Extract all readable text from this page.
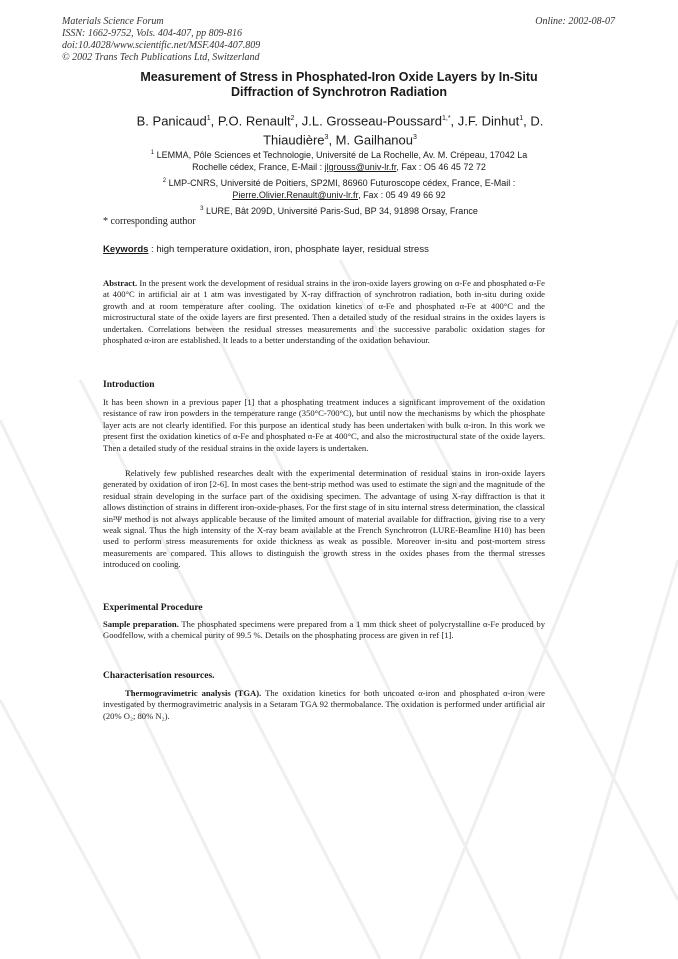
Materials Science Forum
ISSN: 1662-9752, Vols. 404-407, pp 809-816
doi:10.4028/www.scientific.net/MSF.404-407.809
© 2002 Trans Tech Publications Ltd, Switzerland
Online: 2002-08-07
Measurement of Stress in Phosphated-Iron Oxide Layers by In-Situ
Diffraction of Synchrotron Radiation
B. Panicaud$^1$, P.O. Renault$^2$, J.L. Grosseau-Poussard$^{1,*}$, J.F. Dinhut$^1$, D. Thiaudière$^3$, M. Gailhanou$^3$
$^1$ LEMMA, Pôle Sciences et Technologie, Université de La Rochelle, Av. M. Crépeau, 17042 La
Rochelle cédex, France, E-Mail : jlgrouss@univ-lr.fr, Fax : O5 46 45 72 72
$^2$ LMP-CNRS, Université de Poitiers, SP2MI, 86960 Futuroscope cédex, France, E-Mail :
Pierre.Olivier.Renault@univ-lr.fr, Fax : 05 49 49 66 92
$^3$ LURE, Bât 209D, Université Paris-Sud, BP 34, 91898 Orsay, France
* corresponding author
Keywords : high temperature oxidation, iron, phosphate layer, residual stress

Abstract. In the present work the development of residual strains in the iron-oxide layers growing on α-Fe and phosphated α-Fe at 400°C in artificial air at 1 atm was investigated by X-ray diffraction of synchrotron radiation, both in-situ during oxide growth and at room temperature after cooling. The oxidation kinetics of α-Fe and phosphated α-Fe at 400°C and the microstructural state of the oxide layers are first presented. Then a detailed study of the residual strains in the oxides layers is undertaken. Correlations between the residual stresses measurements and the successive parabolic oxidation stages for phosphated α-iron are established. It leads to a better understanding of the oxidation behaviour.

Introduction

It has been shown in a previous paper [1] that a phosphating treatment induces a significant improvement of the oxidation resistance of raw iron powders in the temperature range (350°C-700°C), but until now the mechanisms by which the phosphate layer acts are not clearly identified. For this purpose an identical study has been undertaken with bulk α-iron. In this work we present first the oxidation kinetics of α-Fe and phosphated α-Fe at 400°C, and also the microstructural state of the oxide layers. Then a detailed study of the residual strains in the oxide layers is undertaken.

Relatively few published researches dealt with the experimental determination of residual stains in iron-oxide layers generated by oxidation of iron [2-6]. In most cases the bent-strip method was used to estimate the sign and the magnitude of the residual strain developing in the surface part of the oxidising specimen. The advantage of using X-ray diffraction is that it allows distinction of strains in different iron-oxide-phases. For the first stage of in situ internal stress determination, the classical sin²Ψ method is not always applicable because of the limited amount of material available for diffraction, giving rise to a very weak signal. Thus the high intensity of the X-ray beam available at the French Synchrotron (LURE-Beamline H10) has been used to perform stress measurements for oxide thickness as weak as possible. Moreover in-situ and post-mortem stress measurements are compared. This allows to distinguish the growth stress in the oxides phases from the thermal stresses introduced on cooling.

Experimental Procedure

Sample preparation. The phosphated specimens were prepared from a 1 mm thick sheet of polycrystalline α-Fe produced by Goodfellow, with a chemical purity of 99.5 %. Details on the phosphating process are given in ref [1].

Characterisation resources.

Thermogravimetric analysis (TGA). The oxidation kinetics for both uncoated α-iron and phosphated α-iron were investigated by thermogravimetric analysis in a Setaram TGA 92 thermobalance. The oxidation is performed under artificial air (20% O₂; 80% N₂).
